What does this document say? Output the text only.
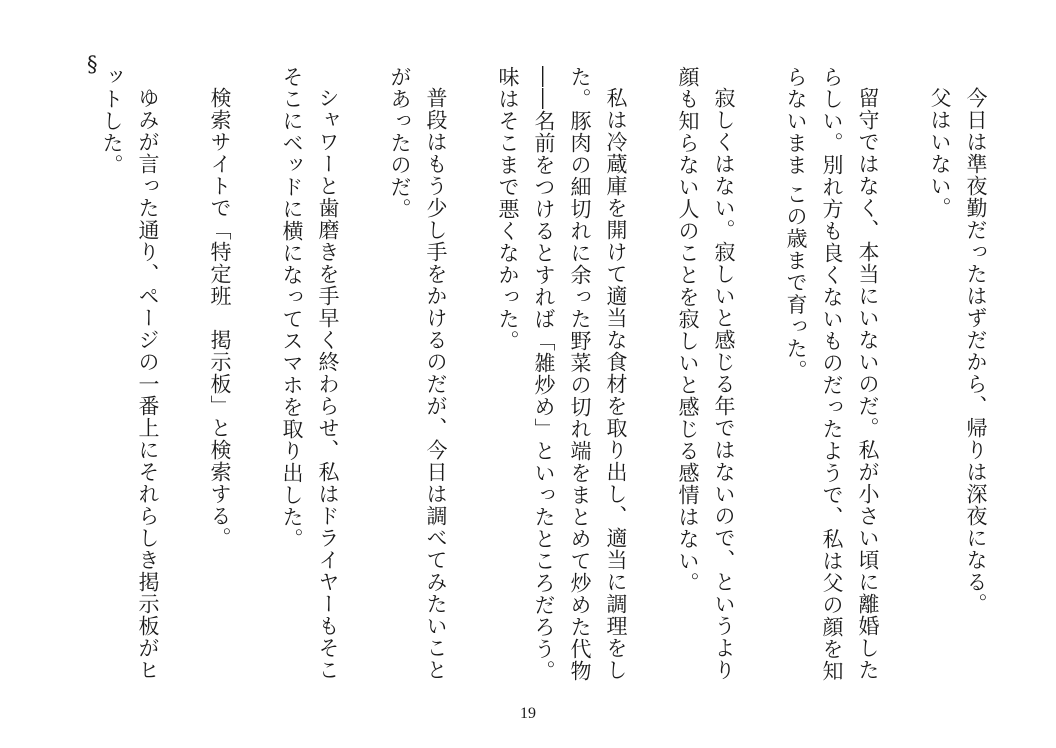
今日は準夜勤だったはずだから、帰りは深夜になる。

父はいない。

留守ではなく、本当にいないのだ。私が小さい頃に離婚したらしい。別れ方も良くないものだったようで、私は父の顔を知らないまま この歳まで育った。

寂しくはない。寂しいと感じる年ではないので、というより顔も知らない人のことを寂しいと感じる感情はない。

私は冷蔵庫を開けて適当な食材を取り出し、適当に調理をした。豚肉の細切れに余った野菜の切れ端をまとめて炒めた代物――名前をつけるとすれば「雑炒め」といったところだろう。味はそこまで悪くなかった。

普段はもう少し手をかけるのだが、今日は調べてみたいことがあったのだ。

シャワーと歯磨きを手早く終わらせ、私はドライヤーもそこそこにベッドに横になってスマホを取り出した。

検索サイトで「特定班　掲示板」と検索する。

ゆみが言った通り、ページの一番上にそれらしき掲示板がヒットした。

§
19
